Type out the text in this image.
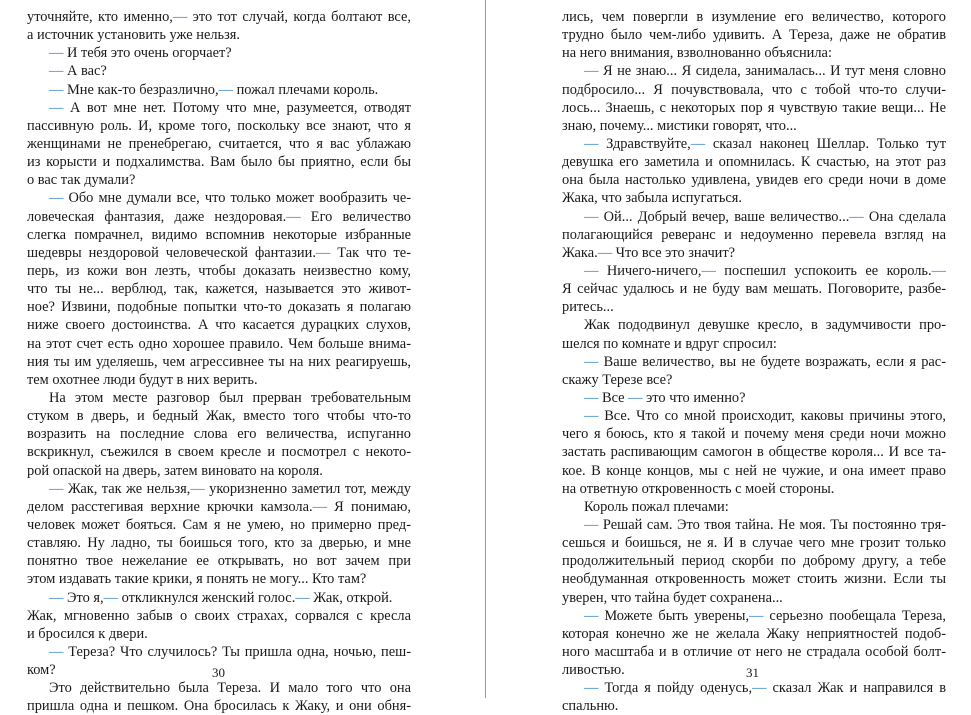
уточняйте, кто именно,— это тот случай, когда болтают все,
а источник установить уже нельзя.
— И тебя это очень огорчает?
— А вас?
— Мне как-то безразлично,— пожал плечами король.
— А вот мне нет. Потому что мне, разумеется, отводят
пассивную роль. И, кроме того, поскольку все знают, что я
женщинами не пренебрегаю, считается, что я вас ублажаю
из корысти и подхалимства. Вам было бы приятно, если бы
о вас так думали?
— Обо мне думали все, что только может вообразить че-
ловеческая фантазия, даже нездоровая.— Его величество
слегка помрачнел, видимо вспомнив некоторые избранные
шедевры нездоровой человеческой фантазии.— Так что те-
перь, из кожи вон лезть, чтобы доказать неизвестно кому,
что ты не... верблюд, так, кажется, называется это живот-
ное? Извини, подобные попытки что-то доказать я полагаю
ниже своего достоинства. А что касается дурацких слухов,
на этот счет есть одно хорошее правило. Чем больше внима-
ния ты им уделяешь, чем агрессивнее ты на них реагируешь,
тем охотнее люди будут в них верить.
На этом месте разговор был прерван требовательным
стуком в дверь, и бедный Жак, вместо того чтобы что-то
возразить на последние слова его величества, испуганно
вскрикнул, съежился в своем кресле и посмотрел с некото-
рой опаской на дверь, затем виновато на короля.
— Жак, так же нельзя,— укоризненно заметил тот, между
делом расстегивая верхние крючки камзола.— Я понимаю,
человек может бояться. Сам я не умею, но примерно пред-
ставляю. Ну ладно, ты боишься того, кто за дверью, и мне
понятно твое нежелание ее открывать, но вот зачем при
этом издавать такие крики, я понять не могу... Кто там?
— Это я,— откликнулся женский голос.— Жак, открой.
Жак, мгновенно забыв о своих страхах, сорвался с кресла
и бросился к двери.
— Тереза? Что случилось? Ты пришла одна, ночью, пеш-
ком?
Это действительно была Тереза. И мало того что она
пришла одна и пешком. Она бросилась к Жаку, и они обня-
лись, чем повергли в изумление его величество, которого
трудно было чем-либо удивить. А Тереза, даже не обратив
на него внимания, взволнованно объяснила:
— Я не знаю... Я сидела, занималась... И тут меня словно
подбросило... Я почувствовала, что с тобой что-то случи-
лось... Знаешь, с некоторых пор я чувствую такие вещи... Не
знаю, почему... мистики говорят, что...
— Здравствуйте,— сказал наконец Шеллар. Только тут
девушка его заметила и опомнилась. К счастью, на этот раз
она была настолько удивлена, увидев его среди ночи в доме
Жака, что забыла испугаться.
— Ой... Добрый вечер, ваше величество...— Она сделала
полагающийся реверанс и недоуменно перевела взгляд на
Жака.— Что все это значит?
— Ничего-ничего,— поспешил успокоить ее король.—
Я сейчас удалюсь и не буду вам мешать. Поговорите, разбе-
ритесь...
Жак пододвинул девушке кресло, в задумчивости про-
шелся по комнате и вдруг спросил:
— Ваше величество, вы не будете возражать, если я рас-
скажу Терезе все?
— Все — это что именно?
— Все. Что со мной происходит, каковы причины этого,
чего я боюсь, кто я такой и почему меня среди ночи можно
застать распивающим самогон в обществе короля... И все та-
кое. В конце концов, мы с ней не чужие, и она имеет право
на ответную откровенность с моей стороны.
Король пожал плечами:
— Решай сам. Это твоя тайна. Не моя. Ты постоянно тря-
сешься и боишься, не я. И в случае чего мне грозит только
продолжительный период скорби по доброму другу, а тебе
необдуманная откровенность может стоить жизни. Если ты
уверен, что тайна будет сохранена...
— Можете быть уверены,— серьезно пообещала Тереза,
которая конечно же не желала Жаку неприятностей подоб-
ного масштаба и в отличие от него не страдала особой болт-
ливостью.
— Тогда я пойду оденусь,— сказал Жак и направился в
спальню.
30	31
